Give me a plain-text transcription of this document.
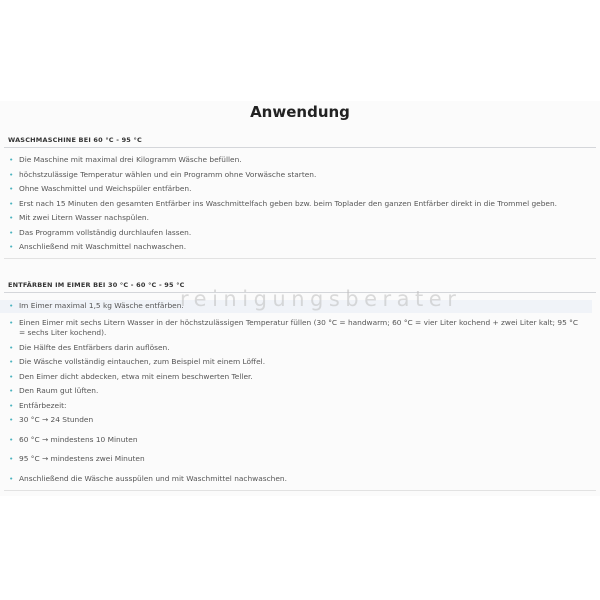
Anwendung
WASCHMASCHINE BEI 60 °C - 95 °C
• Die Maschine mit maximal drei Kilogramm Wäsche befüllen.
• höchstzulässige Temperatur wählen und ein Programm ohne Vorwäsche starten.
• Ohne Waschmittel und Weichspüler entfärben.
• Erst nach 15 Minuten den gesamten Entfärber ins Waschmittelfach geben bzw. beim Toplader den ganzen Entfärber direkt in die Trommel geben.
• Mit zwei Litern Wasser nachspülen.
• Das Programm vollständig durchlaufen lassen.
• Anschließend mit Waschmittel nachwaschen.
ENTFÄRBEN IM EIMER BEI 30 °C - 60 °C - 95 °C
• Im Eimer maximal 1,5 kg Wäsche entfärben.
• Einen Eimer mit sechs Litern Wasser in der höchstzulässigen Temperatur füllen (30 °C = handwarm; 60 °C = vier Liter kochend + zwei Liter kalt; 95 °C = sechs Liter kochend).
• Die Hälfte des Entfärbers darin auflösen.
• Die Wäsche vollständig eintauchen, zum Beispiel mit einem Löffel.
• Den Eimer dicht abdecken, etwa mit einem beschwerten Teller.
• Den Raum gut lüften.
• Entfärbezeit:
• 30 °C → 24 Stunden
• 60 °C → mindestens 10 Minuten
• 95 °C → mindestens zwei Minuten
• Anschließend die Wäsche ausspülen und mit Waschmittel nachwaschen.
reinigungsberater
